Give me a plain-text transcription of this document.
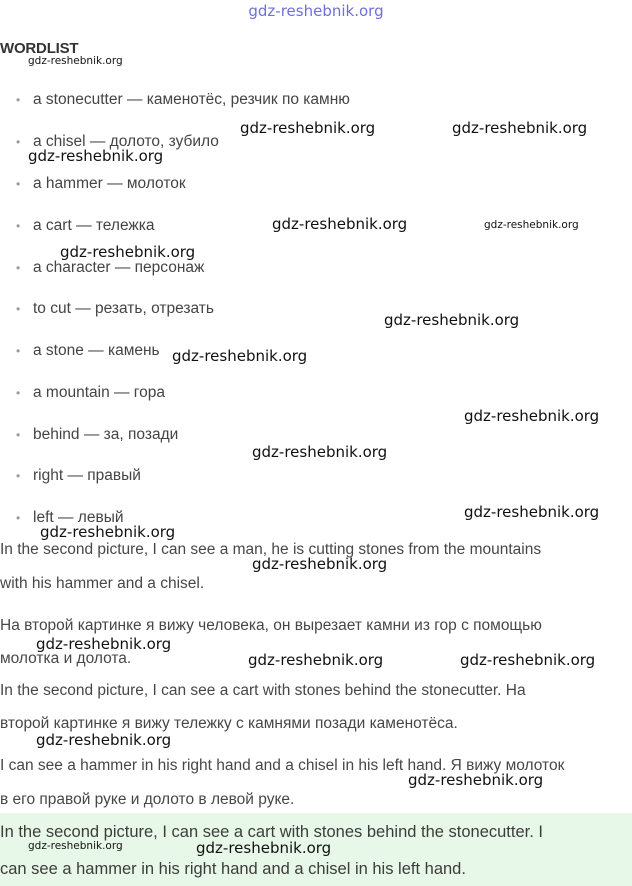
gdz-reshebnik.org
WORDLIST
• a stonecutter — каменотёс, резчик по камню
• a chisel — долото, зубило
• a hammer — молоток
• a cart — тележка
• a character — персонаж
• to cut — резать, отрезать
• a stone — камень
• a mountain — гора
• behind — за, позади
• right — правый
• left — левый
In the second picture, I can see a man, he is cutting stones from the mountains
with his hammer and a chisel.
На второй картинке я вижу человека, он вырезает камни из гор с помощью
молотка и долота.
In the second picture, I can see a cart with stones behind the stonecutter. На
второй картинке я вижу тележку с камнями позади каменотёса.
I can see a hammer in his right hand and a chisel in his left hand. Я вижу молоток
в его правой руке и долото в левой руке.
In the second picture, I can see a cart with stones behind the stonecutter. I
can see a hammer in his right hand and a chisel in his left hand.
gdz-reshebnik.org
gdz-reshebnik.org	gdz-reshebnik.org
gdz-reshebnik.org
gdz-reshebnik.org	gdz-reshebnik.org
gdz-reshebnik.org
gdz-reshebnik.org
gdz-reshebnik.org
gdz-reshebnik.org
gdz-reshebnik.org
gdz-reshebnik.org
gdz-reshebnik.org
gdz-reshebnik.org
gdz-reshebnik.org
gdz-reshebnik.org	gdz-reshebnik.org
gdz-reshebnik.org
gdz-reshebnik.org
gdz-reshebnik.org	gdz-reshebnik.org
